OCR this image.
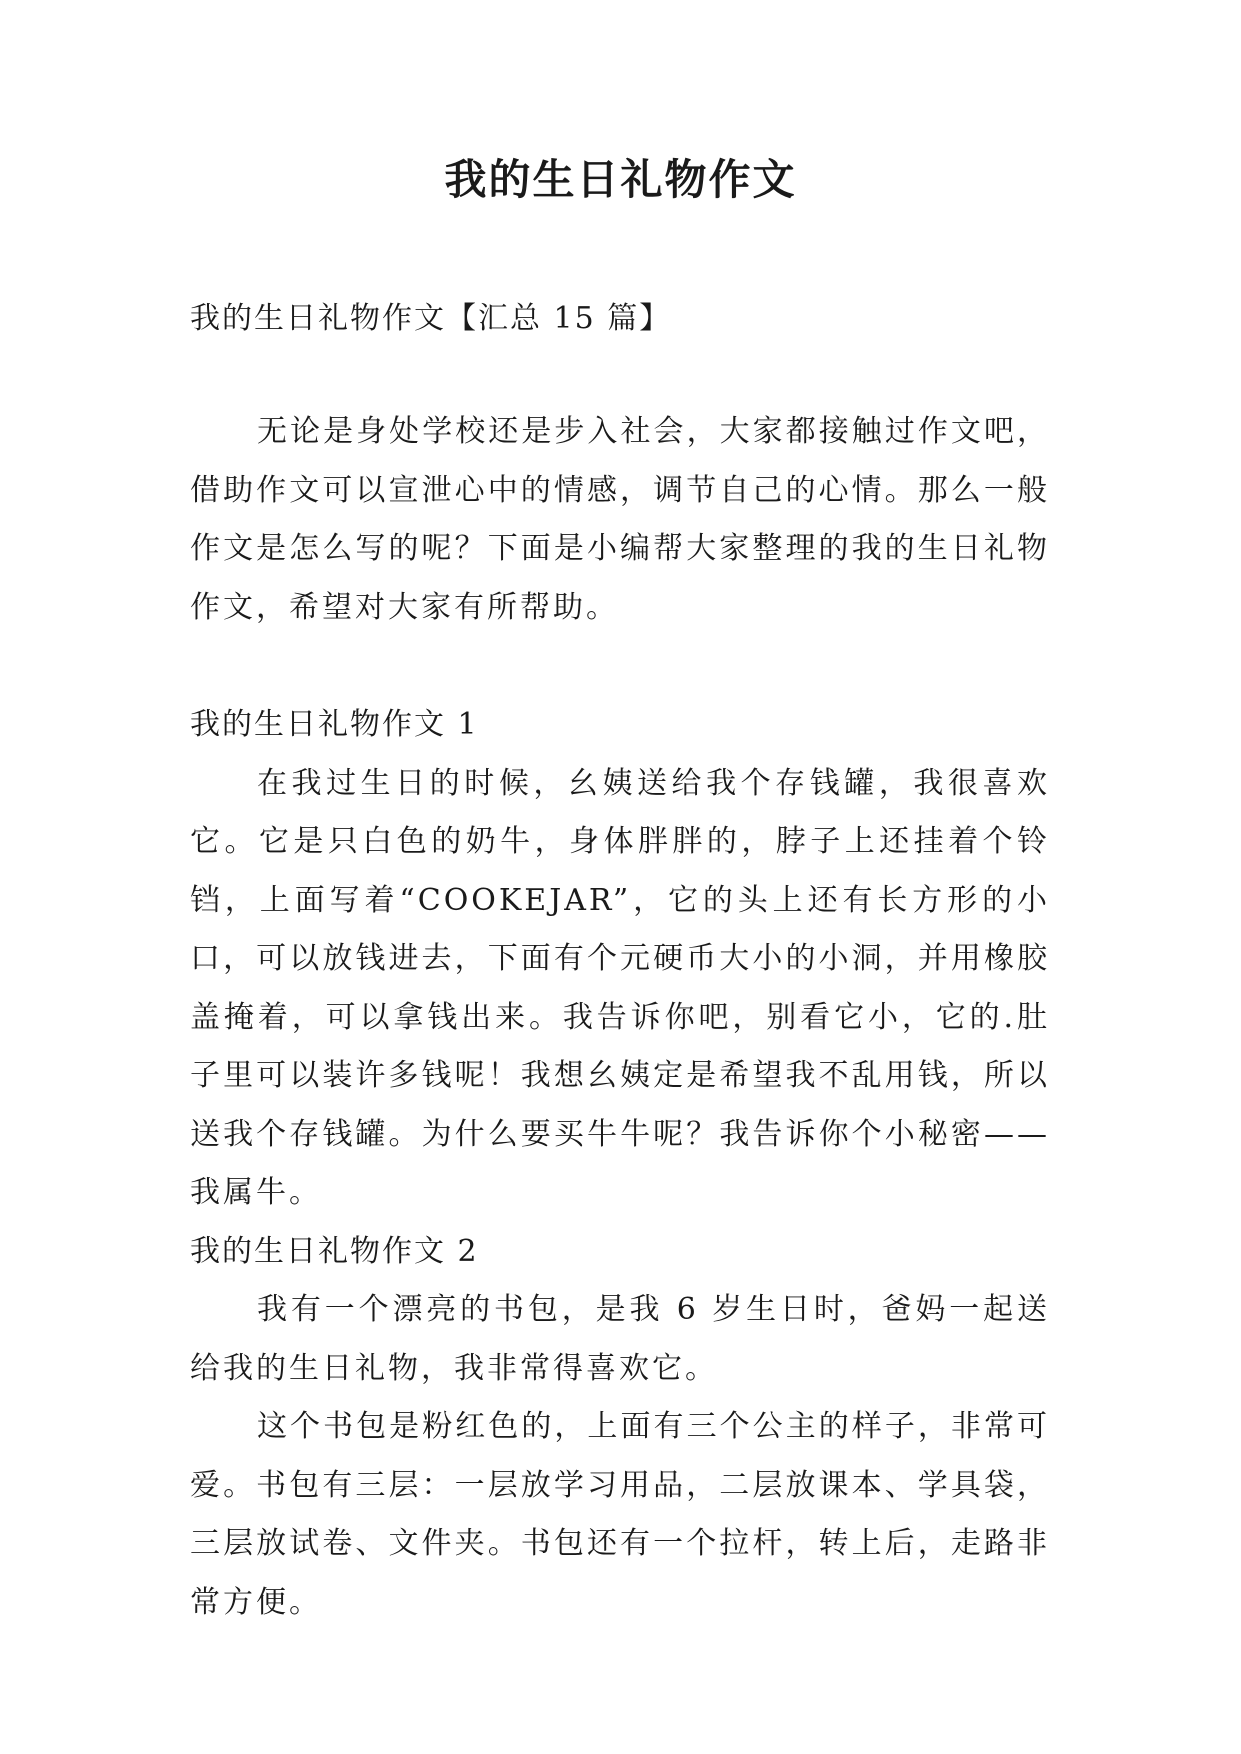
我的生日礼物作文

我的生日礼物作文【汇总 15 篇】

无论是身处学校还是步入社会，大家都接触过作文吧，借助作文可以宣泄心中的情感，调节自己的心情。那么一般作文是怎么写的呢？下面是小编帮大家整理的我的生日礼物作文，希望对大家有所帮助。

我的生日礼物作文 1

在我过生日的时候，幺姨送给我个存钱罐，我很喜欢它。它是只白色的奶牛，身体胖胖的，脖子上还挂着个铃铛，上面写着“COOKEJAR”，它的头上还有长方形的小口，可以放钱进去，下面有个元硬币大小的小洞，并用橡胶盖掩着，可以拿钱出来。我告诉你吧，别看它小，它的.肚子里可以装许多钱呢！我想幺姨定是希望我不乱用钱，所以送我个存钱罐。为什么要买牛牛呢？我告诉你个小秘密——我属牛。

我的生日礼物作文 2

我有一个漂亮的书包，是我 6 岁生日时，爸妈一起送给我的生日礼物，我非常得喜欢它。

这个书包是粉红色的，上面有三个公主的样子，非常可爱。书包有三层：一层放学习用品，二层放课本、学具袋，三层放试卷、文件夹。书包还有一个拉杆，转上后，走路非常方便。
